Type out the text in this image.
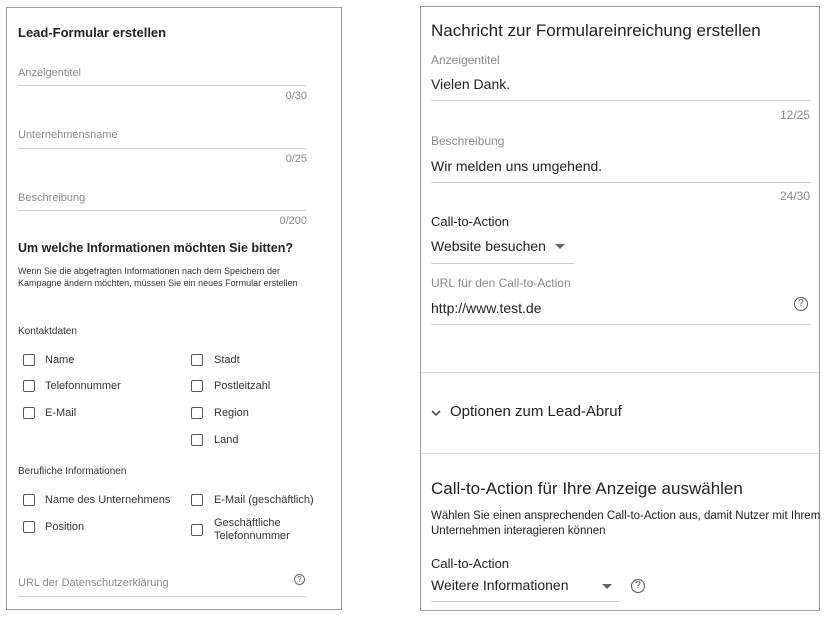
Lead-Formular erstellen
Anzeigentitel
0/30
Unternehmensname
0/25
Beschreibung
0/200
Um welche Informationen möchten Sie bitten?
Wenn Sie die abgefragten Informationen nach dem Speichern der Kampagne ändern möchten, müssen Sie ein neues Formular erstellen
Kontaktdaten
Name
Telefonnummer
E-Mail
Stadt
Postleitzahl
Region
Land
Berufliche Informationen
Name des Unternehmens
Position
E-Mail (geschäftlich)
Geschäftliche Telefonnummer
URL der Datenschutzerklärung	?
Nachricht zur Formulareinreichung erstellen
Anzeigentitel
Vielen Dank.
12/25
Beschreibung
Wir melden uns umgehend.
24/30
Call-to-Action
Website besuchen
URL für den Call-to-Action
http://www.test.de	?
Optionen zum Lead-Abruf
Call-to-Action für Ihre Anzeige auswählen
Wählen Sie einen ansprechenden Call-to-Action aus, damit Nutzer mit Ihrem Unternehmen interagieren können
Call-to-Action
Weitere Informationen	?
